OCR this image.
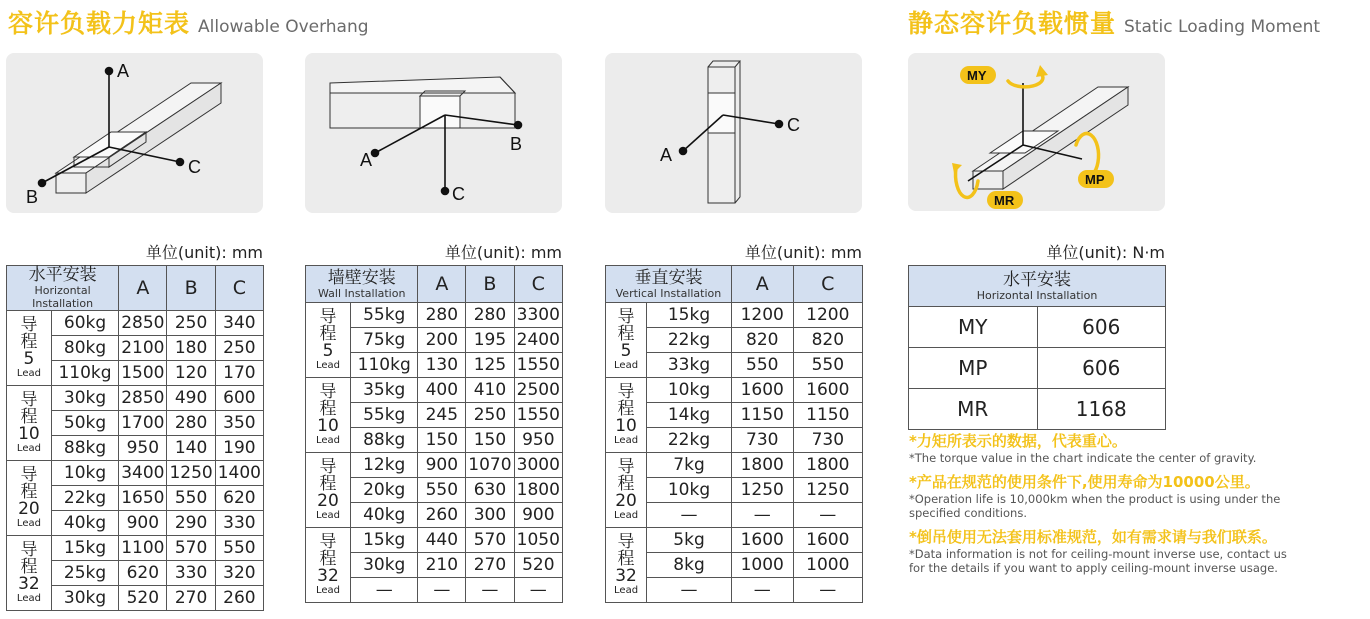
容许负载力矩表 Allowable Overhang	静态容许负载惯量 Static Loading Moment
A
C
B
A
B
C
C
A
MY
MP
MR
单位(unit): mm	单位(unit): mm	单位(unit): mm	单位(unit): N·m
水平安装
Horizontal Installation		A	B	C

导
程
5
Lead	60kg	2850	250	340
	80kg	2100	180	250
	110kg	1500	120	170

导
程
10
Lead	30kg	2850	490	600
	50kg	1700	280	350
	88kg	950	140	190

导
程
20
Lead	10kg	3400	1250	1400
	22kg	1650	550	620
	40kg	900	290	330

导
程
32
Lead	15kg	1100	570	550
	25kg	620	330	320
	30kg	520	270	260
墙壁安装
Wall Installation		A	B	C

导
程
5
Lead	55kg	280	280	3300
	75kg	200	195	2400
	110kg	130	125	1550

导
程
10
Lead	35kg	400	410	2500
	55kg	245	250	1550
	88kg	150	150	950

导
程
20
Lead	12kg	900	1070	3000
	20kg	550	630	1800
	40kg	260	300	900

导
程
32
Lead	15kg	440	570	1050
	30kg	210	270	520
	—	—	—	—
垂直安装
Vertical Installation		A	C

导
程
5
Lead	15kg	1200	1200
	22kg	820	820
	33kg	550	550

导
程
10
Lead	10kg	1600	1600
	14kg	1150	1150
	22kg	730	730

导
程
20
Lead	7kg	1800	1800
	10kg	1250	1250
	—	—	—

导
程
32
Lead	5kg	1600	1600
	8kg	1000	1000
	—	—	—
水平安装
Horizontal Installation	

MY	606
MP	606
MR	1168
*力矩所表示的数据，代表重心。
*The torque value in the chart indicate the center of gravity.
*产品在规范的使用条件下,使用寿命为10000公里。
*Operation life is 10,000km when the product is using under the
specified conditions.
*倒吊使用无法套用标准规范，如有需求请与我们联系。
*Data information is not for ceiling-mount inverse use, contact us
for the details if you want to apply ceiling-mount inverse usage.
